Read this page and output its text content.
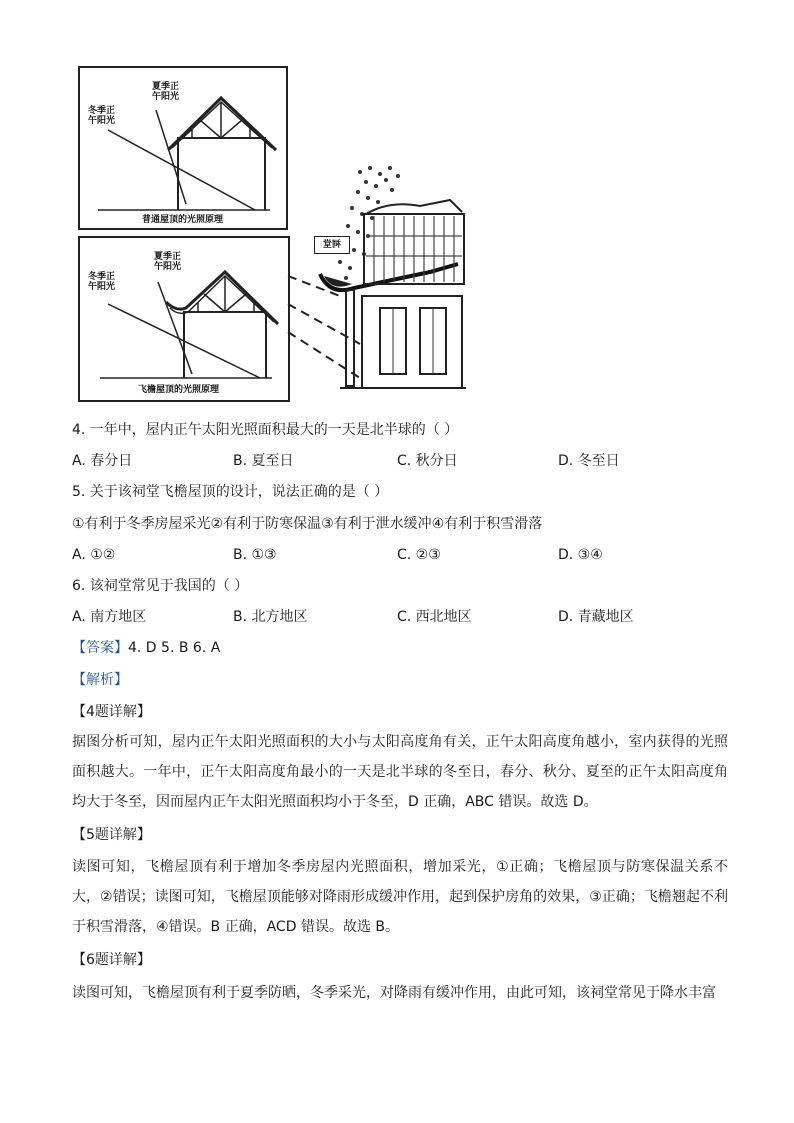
夏季正午阳光
冬季正午阳光
普通屋顶的光照原理
夏季正午阳光
冬季正午阳光
飞檐屋顶的光照原理
祠堂
4. 一年中，屋内正午太阳光照面积最大的一天是北半球的（ ）
A. 春分日	B. 夏至日	C. 秋分日	D. 冬至日
5. 关于该祠堂飞檐屋顶的设计，说法正确的是（ ）
①有利于冬季房屋采光②有利于防寒保温③有利于泄水缓冲④有利于积雪滑落
A. ①②	B. ①③	C. ②③	D. ③④
6. 该祠堂常见于我国的（ ）
A. 南方地区	B. 北方地区	C. 西北地区	D. 青藏地区
【答案】4. D 5. B 6. A
【解析】
【4题详解】
据图分析可知，屋内正午太阳光照面积的大小与太阳高度角有关，正午太阳高度角越小，室内获得的光照面积越大。一年中，正午太阳高度角最小的一天是北半球的冬至日，春分、秋分、夏至的正午太阳高度角均大于冬至，因而屋内正午太阳光照面积均小于冬至，D 正确，ABC 错误。故选 D。
【5题详解】
读图可知，飞檐屋顶有利于增加冬季房屋内光照面积，增加采光，①正确；飞檐屋顶与防寒保温关系不大，②错误；读图可知，飞檐屋顶能够对降雨形成缓冲作用，起到保护房角的效果，③正确；飞檐翘起不利于积雪滑落，④错误。B 正确，ACD 错误。故选 B。
【6题详解】
读图可知，飞檐屋顶有利于夏季防晒，冬季采光，对降雨有缓冲作用，由此可知，该祠堂常见于降水丰富
